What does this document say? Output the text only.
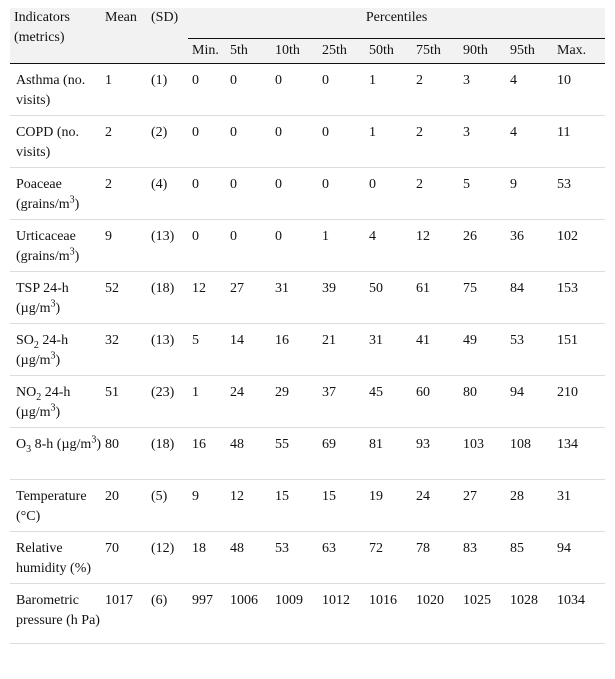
Indicators (metrics)	Mean	(SD)	Percentiles								
			Min.	5th	10th	25th	50th	75th	90th	95th	Max.
Asthma (no. visits)	1	(1)	0	0	0	0	1	2	3	4	10
COPD (no. visits)	2	(2)	0	0	0	0	1	2	3	4	11
Poaceae $(grains/m^3)$	2	(4)	0	0	0	0	0	2	5	9	53
Urticaceae $(grains/m^3)$	9	(13)	0	0	0	1	4	12	26	36	102
TSP 24-h $(\mu g/m^3)$	52	(18)	12	27	31	39	50	61	75	84	153
$SO_2$ 24-h $(\mu g/m^3)$	32	(13)	5	14	16	21	31	41	49	53	151
$NO_2$ 24-h $(\mu g/m^3)$	51	(23)	1	24	29	37	45	60	80	94	210
$O_3$ 8-h $(\mu g/m^3)$	80	(18)	16	48	55	69	81	93	103	108	134
Temperature (°C)	20	(5)	9	12	15	15	19	24	27	28	31
Relative humidity (%)	70	(12)	18	48	53	63	72	78	83	85	94
Barometric pressure (h Pa)	1017	(6)	997	1006	1009	1012	1016	1020	1025	1028	1034
